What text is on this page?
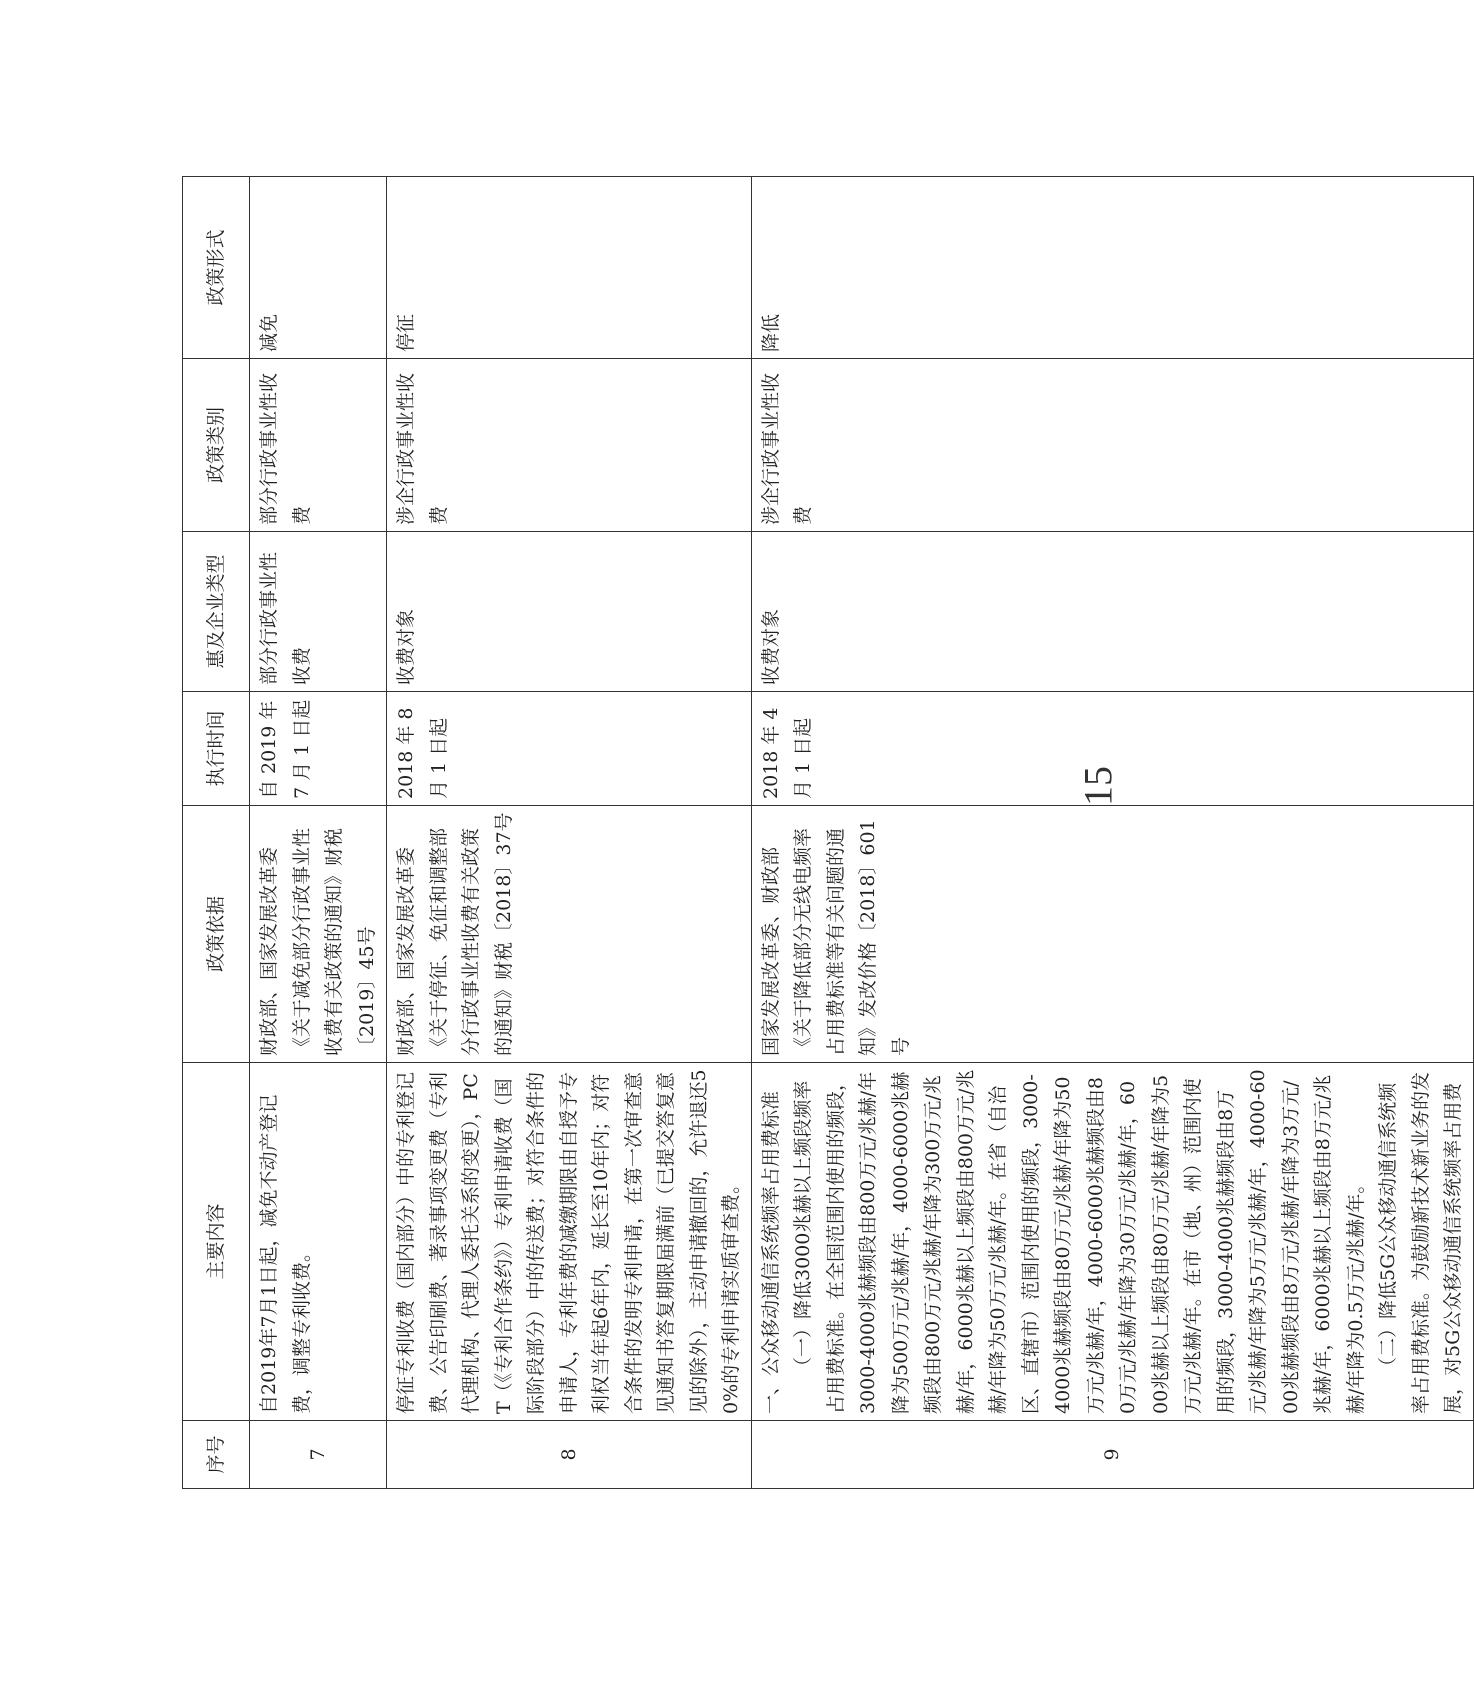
15
序号	主要内容	政策依据	执行时间	惠及企业类型	政策类别	政策形式
7	自2019年7月1日起，减免不动产登记费，调整专利收费。	财政部、国家发展改革委《关于减免部分行政事业性收费有关政策的通知》财税〔2019〕45号	自 2019 年 7 月 1 日起	部分行政事业性收费	部分行政事业性收费	减免
8	停征专利收费（国内部分）中的专利登记费、公告印刷费、著录事项变更费（专利代理机构、代理人委托关系的变更），PCT（《专利合作条约》）专利申请收费（国际阶段部分）中的传送费；对符合条件的申请人，专利年费的减缴期限由自授予专利权当年起6年内，延长至10年内；对符合条件的发明专利申请，在第一次审查意见通知书答复期限届满前（已提交答复意见的除外），主动申请撤回的，允许退还50%的专利申请实质审查费。	财政部、国家发展改革委《关于停征、免征和调整部分行政事业性收费有关政策的通知》财税〔2018〕37号	2018 年 8 月 1 日起	收费对象	涉企行政事业性收费	停征
9	一、公众移动通信系统频率占用费标准 （一）降低3000兆赫以上频段频率占用费标准。在全国范围内使用的频段，3000-4000兆赫频段由800万元/兆赫/年降为500万元/兆赫/年，4000-6000兆赫频段由800万元/兆赫/年降为300万元/兆赫/年，6000兆赫以上频段由800万元/兆赫/年降为50万元/兆赫/年。在省（自治区、直辖市）范围内使用的频段，3000-4000兆赫频段由80万元/兆赫/年降为50万元/兆赫/年，4000-6000兆赫频段由80万元/兆赫/年降为30万元/兆赫/年，6000兆赫以上频段由80万元/兆赫/年降为5万元/兆赫/年。在市（地、州）范围内使用的频段，3000-4000兆赫频段由8万元/兆赫/年降为5万元/兆赫/年，4000-6000兆赫频段由8万元/兆赫/年降为3万元/兆赫/年，6000兆赫以上频段由8万元/兆赫/年降为0.5万元/兆赫/年。 （二）降低5G公众移动通信系统频率占用费标准。为鼓励新技术新业务的发展，对5G公众移动通信系统频率占用费	国家发展改革委、财政部《关于降低部分无线电频率占用费标准等有关问题的通知》发改价格〔2018〕601号	2018 年 4 月 1 日起	收费对象	涉企行政事业性收费	降低
